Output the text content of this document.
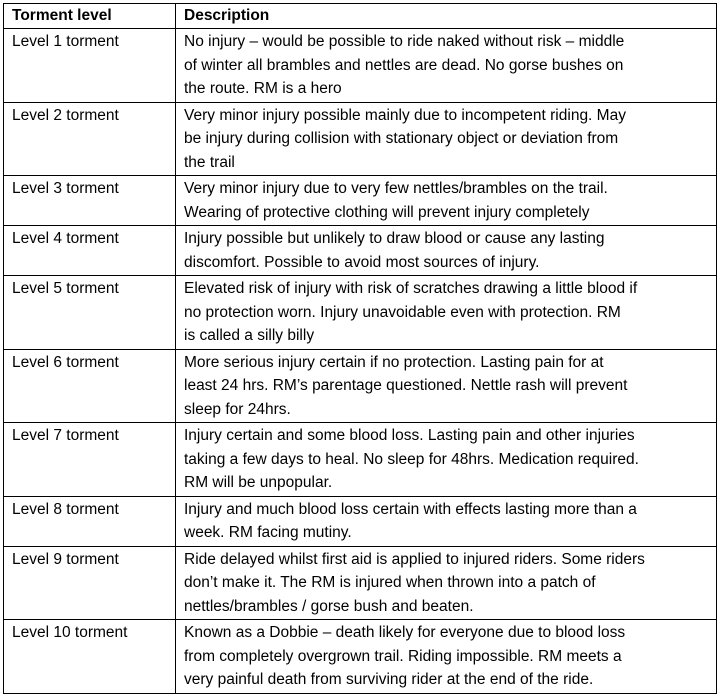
Torment level	Description
Level 1 torment	No injury – would be possible to ride naked without risk – middle
of winter all brambles and nettles are dead. No gorse bushes on
the route. RM is a hero
Level 2 torment	Very minor injury possible mainly due to incompetent riding. May
be injury during collision with stationary object or deviation from
the trail
Level 3 torment	Very minor injury due to very few nettles/brambles on the trail.
Wearing of protective clothing will prevent injury completely
Level 4 torment	Injury possible but unlikely to draw blood or cause any lasting
discomfort. Possible to avoid most sources of injury.
Level 5 torment	Elevated risk of injury with risk of scratches drawing a little blood if
no protection worn. Injury unavoidable even with protection. RM
is called a silly billy
Level 6 torment	More serious injury certain if no protection. Lasting pain for at
least 24 hrs. RM’s parentage questioned. Nettle rash will prevent
sleep for 24hrs.
Level 7 torment	Injury certain and some blood loss. Lasting pain and other injuries
taking a few days to heal. No sleep for 48hrs. Medication required.
RM will be unpopular.
Level 8 torment	Injury and much blood loss certain with effects lasting more than a
week. RM facing mutiny.
Level 9 torment	Ride delayed whilst first aid is applied to injured riders. Some riders
don’t make it. The RM is injured when thrown into a patch of
nettles/brambles / gorse bush and beaten.
Level 10 torment	Known as a Dobbie – death likely for everyone due to blood loss
from completely overgrown trail. Riding impossible. RM meets a
very painful death from surviving rider at the end of the ride.
